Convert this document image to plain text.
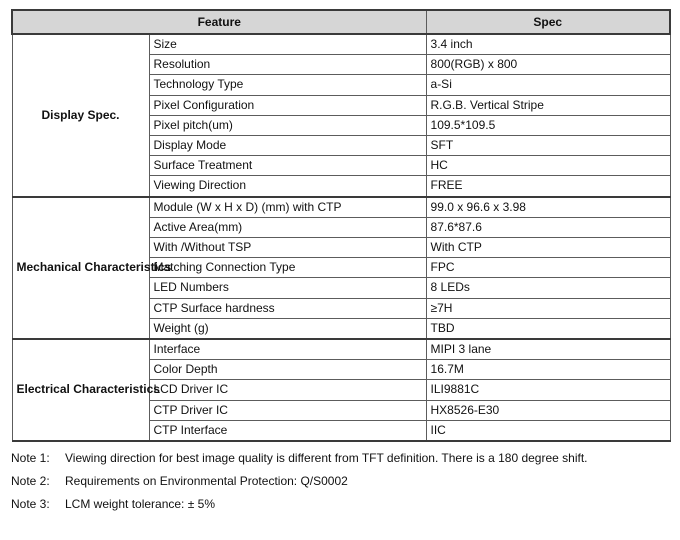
Feature		Spec
Display Spec.	Size	3.4 inch
	Resolution	800(RGB) x 800
	Technology Type	a-Si
	Pixel Configuration	R.G.B. Vertical Stripe
	Pixel pitch(um)	109.5*109.5
	Display Mode	SFT
	Surface Treatment	HC
	Viewing Direction	FREE
Mechanical Characteristics	Module (W x H x D) (mm) with CTP	99.0 x 96.6 x 3.98
	Active Area(mm)	87.6*87.6
	With /Without TSP	With CTP
	Matching Connection Type	FPC
	LED Numbers	8 LEDs
	CTP Surface hardness	≥7H
	Weight (g)	TBD
Electrical Characteristics	Interface	MIPI 3 lane
	Color Depth	16.7M
	LCD Driver IC	ILI9881C
	CTP Driver IC	HX8526-E30
	CTP Interface	IIC

Note 1: Viewing direction for best image quality is different from TFT definition. There is a 180 degree shift.

Note 2: Requirements on Environmental Protection: Q/S0002

Note 3: LCM weight tolerance: ± 5%
